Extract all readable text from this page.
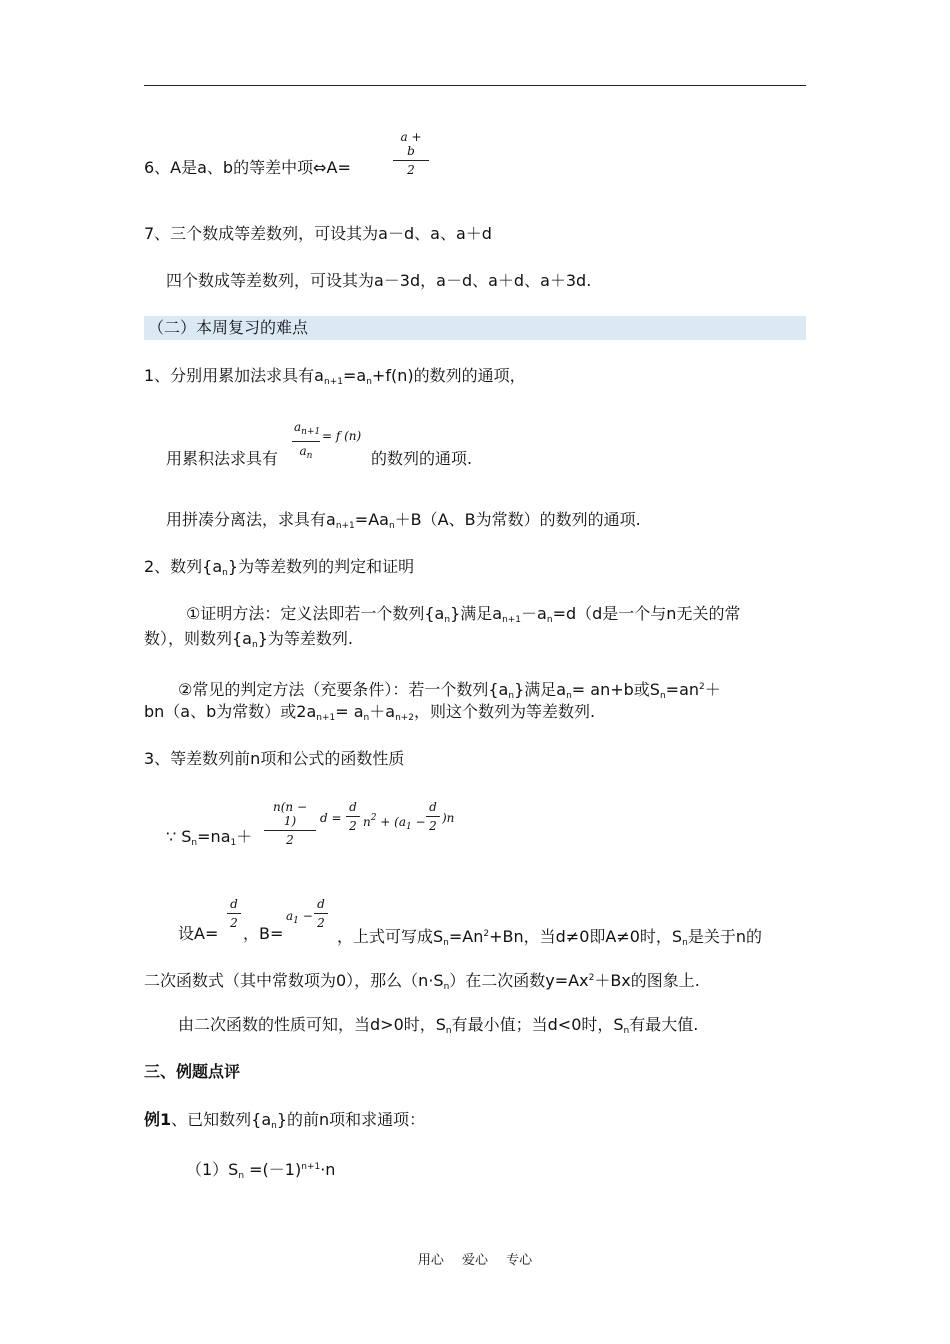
6、A是a、b的等差中项⇔A=
a + b
2
7、三个数成等差数列，可设其为a－d、a、a＋d
四个数成等差数列，可设其为a－3d，a－d、a＋d、a＋3d.
（二）本周复习的难点
1、分别用累加法求具有$a_{n+1}=a_n+f(n)$的数列的通项，
用累积法求具有
$a_{n+1}$
$a_n$
= f (n)
的数列的通项.
用拼凑分离法，求具有$a_{n+1}=Aa_n+B(A$、B为常数）的数列的通项.
2、数列$\{a_n\}$为等差数列的判定和证明
①证明方法：定义法即若一个数列$\{a_n\}$满足$a_{n+1}-a_n=d(d$是一个与n无关的常
数），则数列$\{a_n\}$为等差数列.
②常见的判定方法（充要条件）：若一个数列$\{a_n\}$满足$a_n= an+b$或$S_n=an^2+$
bn（a、b为常数）或$2a_{n+1}= a_n+a_{n+2}$，则这个数列为等差数列.
3、等差数列前n项和公式的函数性质
∵ $S_n=na_1+$
n(n − 1)
2
d =
d
2 $n^2 + (a_1$ −
d
2
)n
设A=
d
2
，B=
$a_1$ −
d
2
，上式可写成$S_n=An^2+Bn$，当d≠0即A≠0时，$S_n$是关于n的
二次函数式（其中常数项为0），那么$(n\cdot S_n)$在二次函数$y=Ax^2+Bx$的图象上.
由二次函数的性质可知，当d>0时，$S_n$有最小值；当d<0时，$S_n$有最大值.
三、例题点评
例1、已知数列$\{a_n\}$的前n项和求通项：
$(1)S_n =(-1)^{n+1}\cdot n$
用心 爱心 专心
